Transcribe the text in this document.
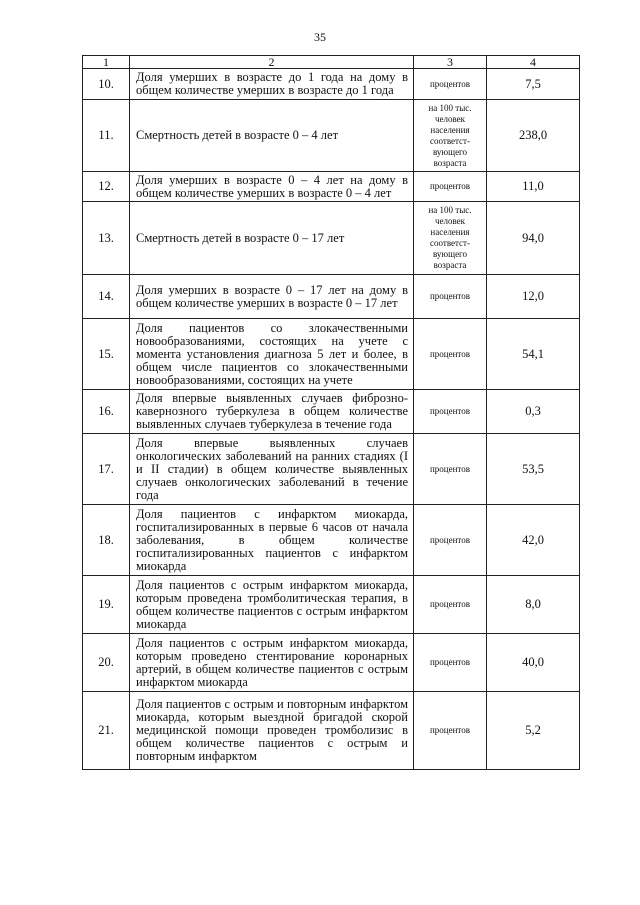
35
1	2	3	4
10.	Доля умерших в возрасте до 1 года на дому в общем количестве умерших в возрасте до 1 года	процентов	7,5
11.	Смертность детей в возрасте 0 – 4 лет	на 100 тыс. человек населения соответст-вующего возраста	238,0
12.	Доля умерших в возрасте 0 – 4 лет на дому в общем количестве умерших в возрасте 0 – 4 лет	процентов	11,0
13.	Смертность детей в возрасте 0 – 17 лет	на 100 тыс. человек населения соответст-вующего возраста	94,0
14.	Доля умерших в возрасте 0 – 17 лет на дому в общем количестве умерших в возрасте 0 – 17 лет	процентов	12,0
15.	Доля пациентов со злокачественными новообразованиями, состоящих на учете с момента установления диагноза 5 лет и более, в общем числе пациентов со злокачественными новообразованиями, состоящих на учете	процентов	54,1
16.	Доля впервые выявленных случаев фиброзно-кавернозного туберкулеза в общем количестве выявленных случаев туберкулеза в течение года	процентов	0,3
17.	Доля впервые выявленных случаев онкологических заболеваний на ранних стадиях (I и II стадии) в общем количестве выявленных случаев онкологических заболеваний в течение года	процентов	53,5
18.	Доля пациентов с инфарктом миокарда, госпитализированных в первые 6 часов от начала заболевания, в общем количестве госпитализированных пациентов с инфарктом миокарда	процентов	42,0
19.	Доля пациентов с острым инфарктом миокарда, которым проведена тромболитическая терапия, в общем количестве пациентов с острым инфарктом миокарда	процентов	8,0
20.	Доля пациентов с острым инфарктом миокарда, которым проведено стентирование коронарных артерий, в общем количестве пациентов с острым инфарктом миокарда	процентов	40,0
21.	Доля пациентов с острым и повторным инфарктом миокарда, которым выездной бригадой скорой медицинской помощи проведен тромболизис в общем количестве пациентов с острым и повторным инфарктом	процентов	5,2
